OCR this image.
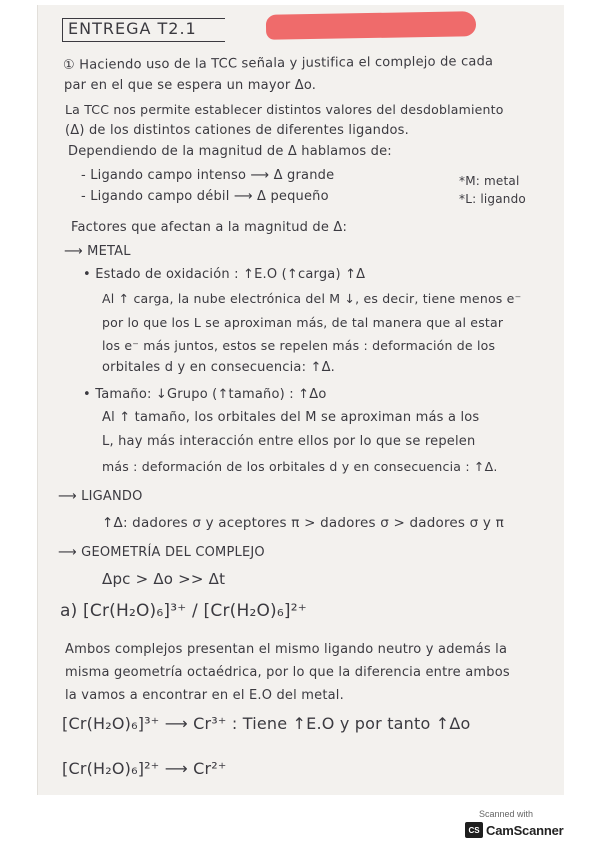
ENTREGA T2.1
① Haciendo uso de la TCC señala y justifica el complejo de cada
par en el que se espera un mayor Δo.
La TCC nos permite establecer distintos valores del desdoblamiento
(Δ) de los distintos cationes de diferentes ligandos.
Dependiendo de la magnitud de Δ hablamos de:
- Ligando campo intenso ⟶ Δ grande
- Ligando campo débil ⟶ Δ pequeño
*M: metal
*L: ligando
Factores que afectan a la magnitud de Δ:
⟶ METAL
• Estado de oxidación : ↑E.O (↑carga) ↑Δ
Al ↑ carga, la nube electrónica del M ↓, es decir, tiene menos e⁻
por lo que los L se aproximan más, de tal manera que al estar
los e⁻ más juntos, estos se repelen más : deformación de los
orbitales d y en consecuencia: ↑Δ.
• Tamaño: ↓Grupo (↑tamaño) : ↑Δo
Al ↑ tamaño, los orbitales del M se aproximan más a los
L, hay más interacción entre ellos por lo que se repelen
más : deformación de los orbitales d y en consecuencia : ↑Δ.
⟶ LIGANDO
↑Δ: dadores σ y aceptores π > dadores σ > dadores σ y π
⟶ GEOMETRÍA DEL COMPLEJO
Δpc > Δo >> Δt
a) [Cr(H₂O)₆]³⁺ / [Cr(H₂O)₆]²⁺
Ambos complejos presentan el mismo ligando neutro y además la
misma geometría octaédrica, por lo que la diferencia entre ambos
la vamos a encontrar en el E.O del metal.
[Cr(H₂O)₆]³⁺ ⟶ Cr³⁺ : Tiene ↑E.O y por tanto ↑Δo
[Cr(H₂O)₆]²⁺ ⟶ Cr²⁺
Scanned with
CS CamScanner
